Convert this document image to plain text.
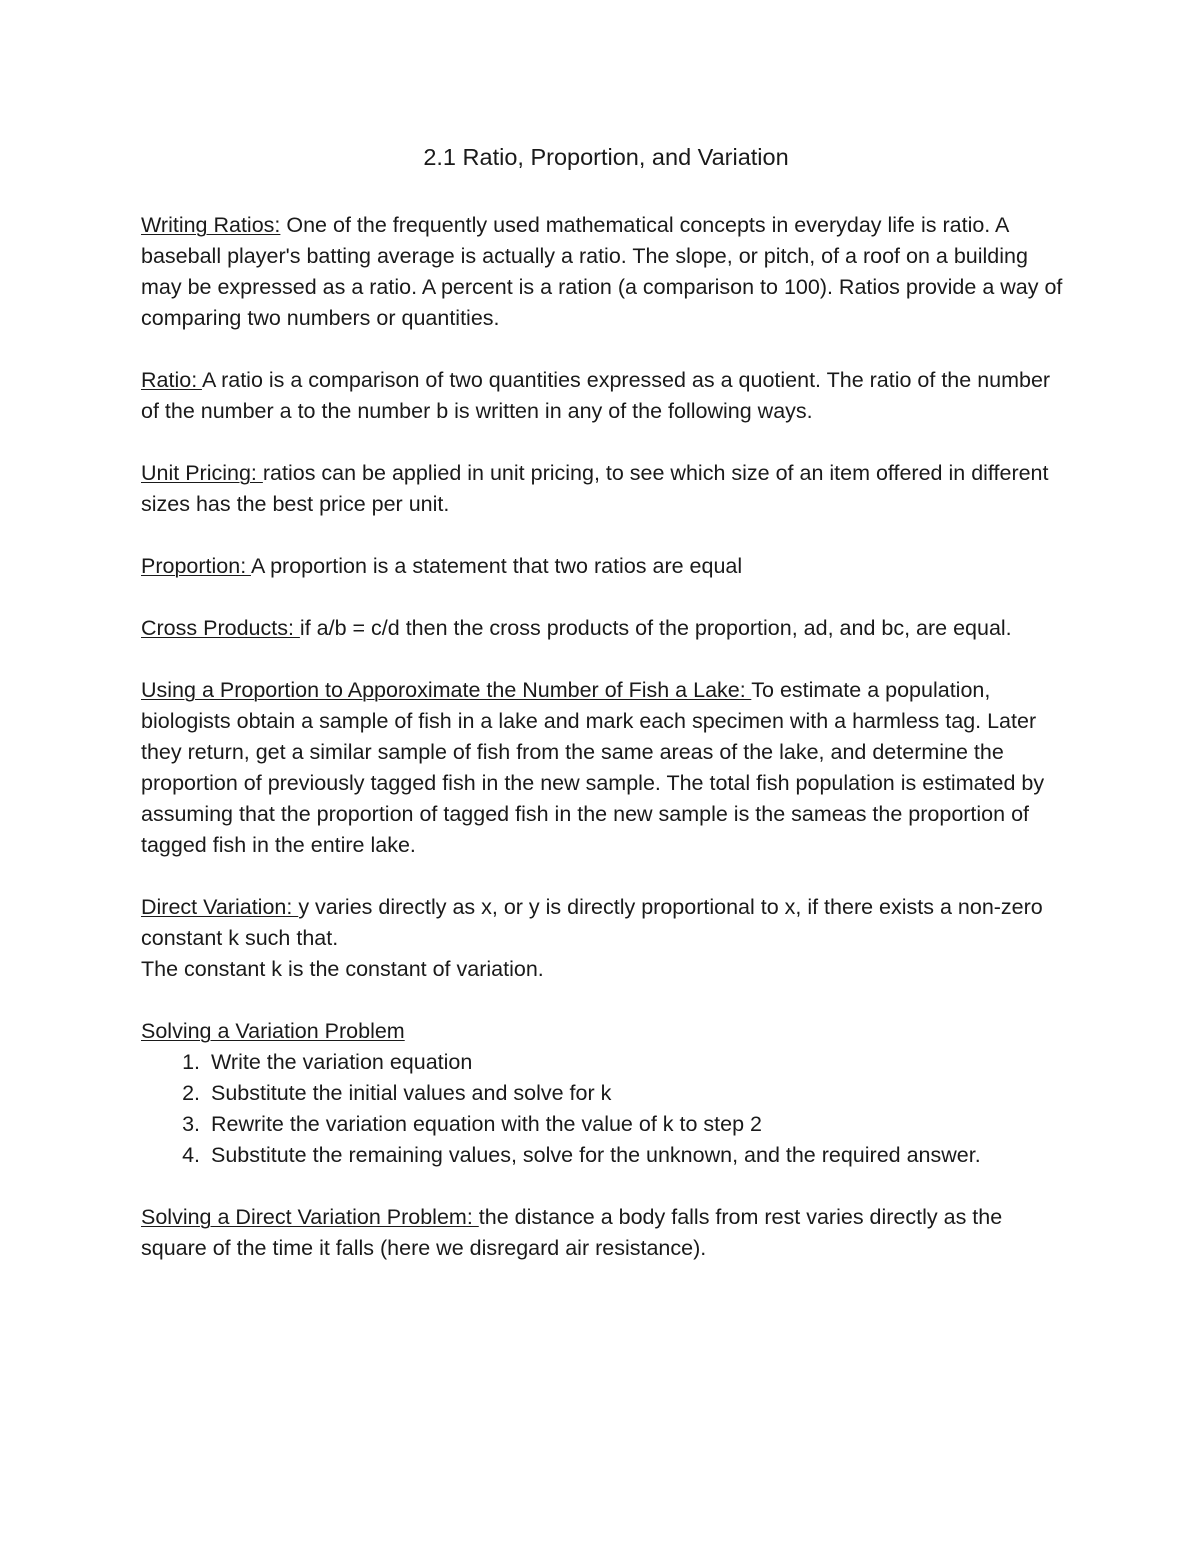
2.1 Ratio, Proportion, and Variation

Writing Ratios: One of the frequently used mathematical concepts in everyday life is ratio. A baseball player's batting average is actually a ratio. The slope, or pitch, of a roof on a building may be expressed as a ratio. A percent is a ration (a comparison to 100). Ratios provide a way of comparing two numbers or quantities.

Ratio: A ratio is a comparison of two quantities expressed as a quotient. The ratio of the number of the number a to the number b is written in any of the following ways.

Unit Pricing: ratios can be applied in unit pricing, to see which size of an item offered in different sizes has the best price per unit.

Proportion: A proportion is a statement that two ratios are equal

Cross Products: if a/b = c/d then the cross products of the proportion, ad, and bc, are equal.

Using a Proportion to Apporoximate the Number of Fish a Lake: To estimate a population, biologists obtain a sample of fish in a lake and mark each specimen with a harmless tag. Later they return, get a similar sample of fish from the same areas of the lake, and determine the proportion of previously tagged fish in the new sample. The total fish population is estimated by assuming that the proportion of tagged fish in the new sample is the sameas the proportion of tagged fish in the entire lake.

Direct Variation: y varies directly as x, or y is directly proportional to x, if there exists a non-zero constant k such that.

The constant k is the constant of variation.

Solving a Variation Problem

1. Write the variation equation
2. Substitute the initial values and solve for k
3. Rewrite the variation equation with the value of k to step 2
4. Substitute the remaining values, solve for the unknown, and the required answer.

Solving a Direct Variation Problem: the distance a body falls from rest varies directly as the square of the time it falls (here we disregard air resistance).
